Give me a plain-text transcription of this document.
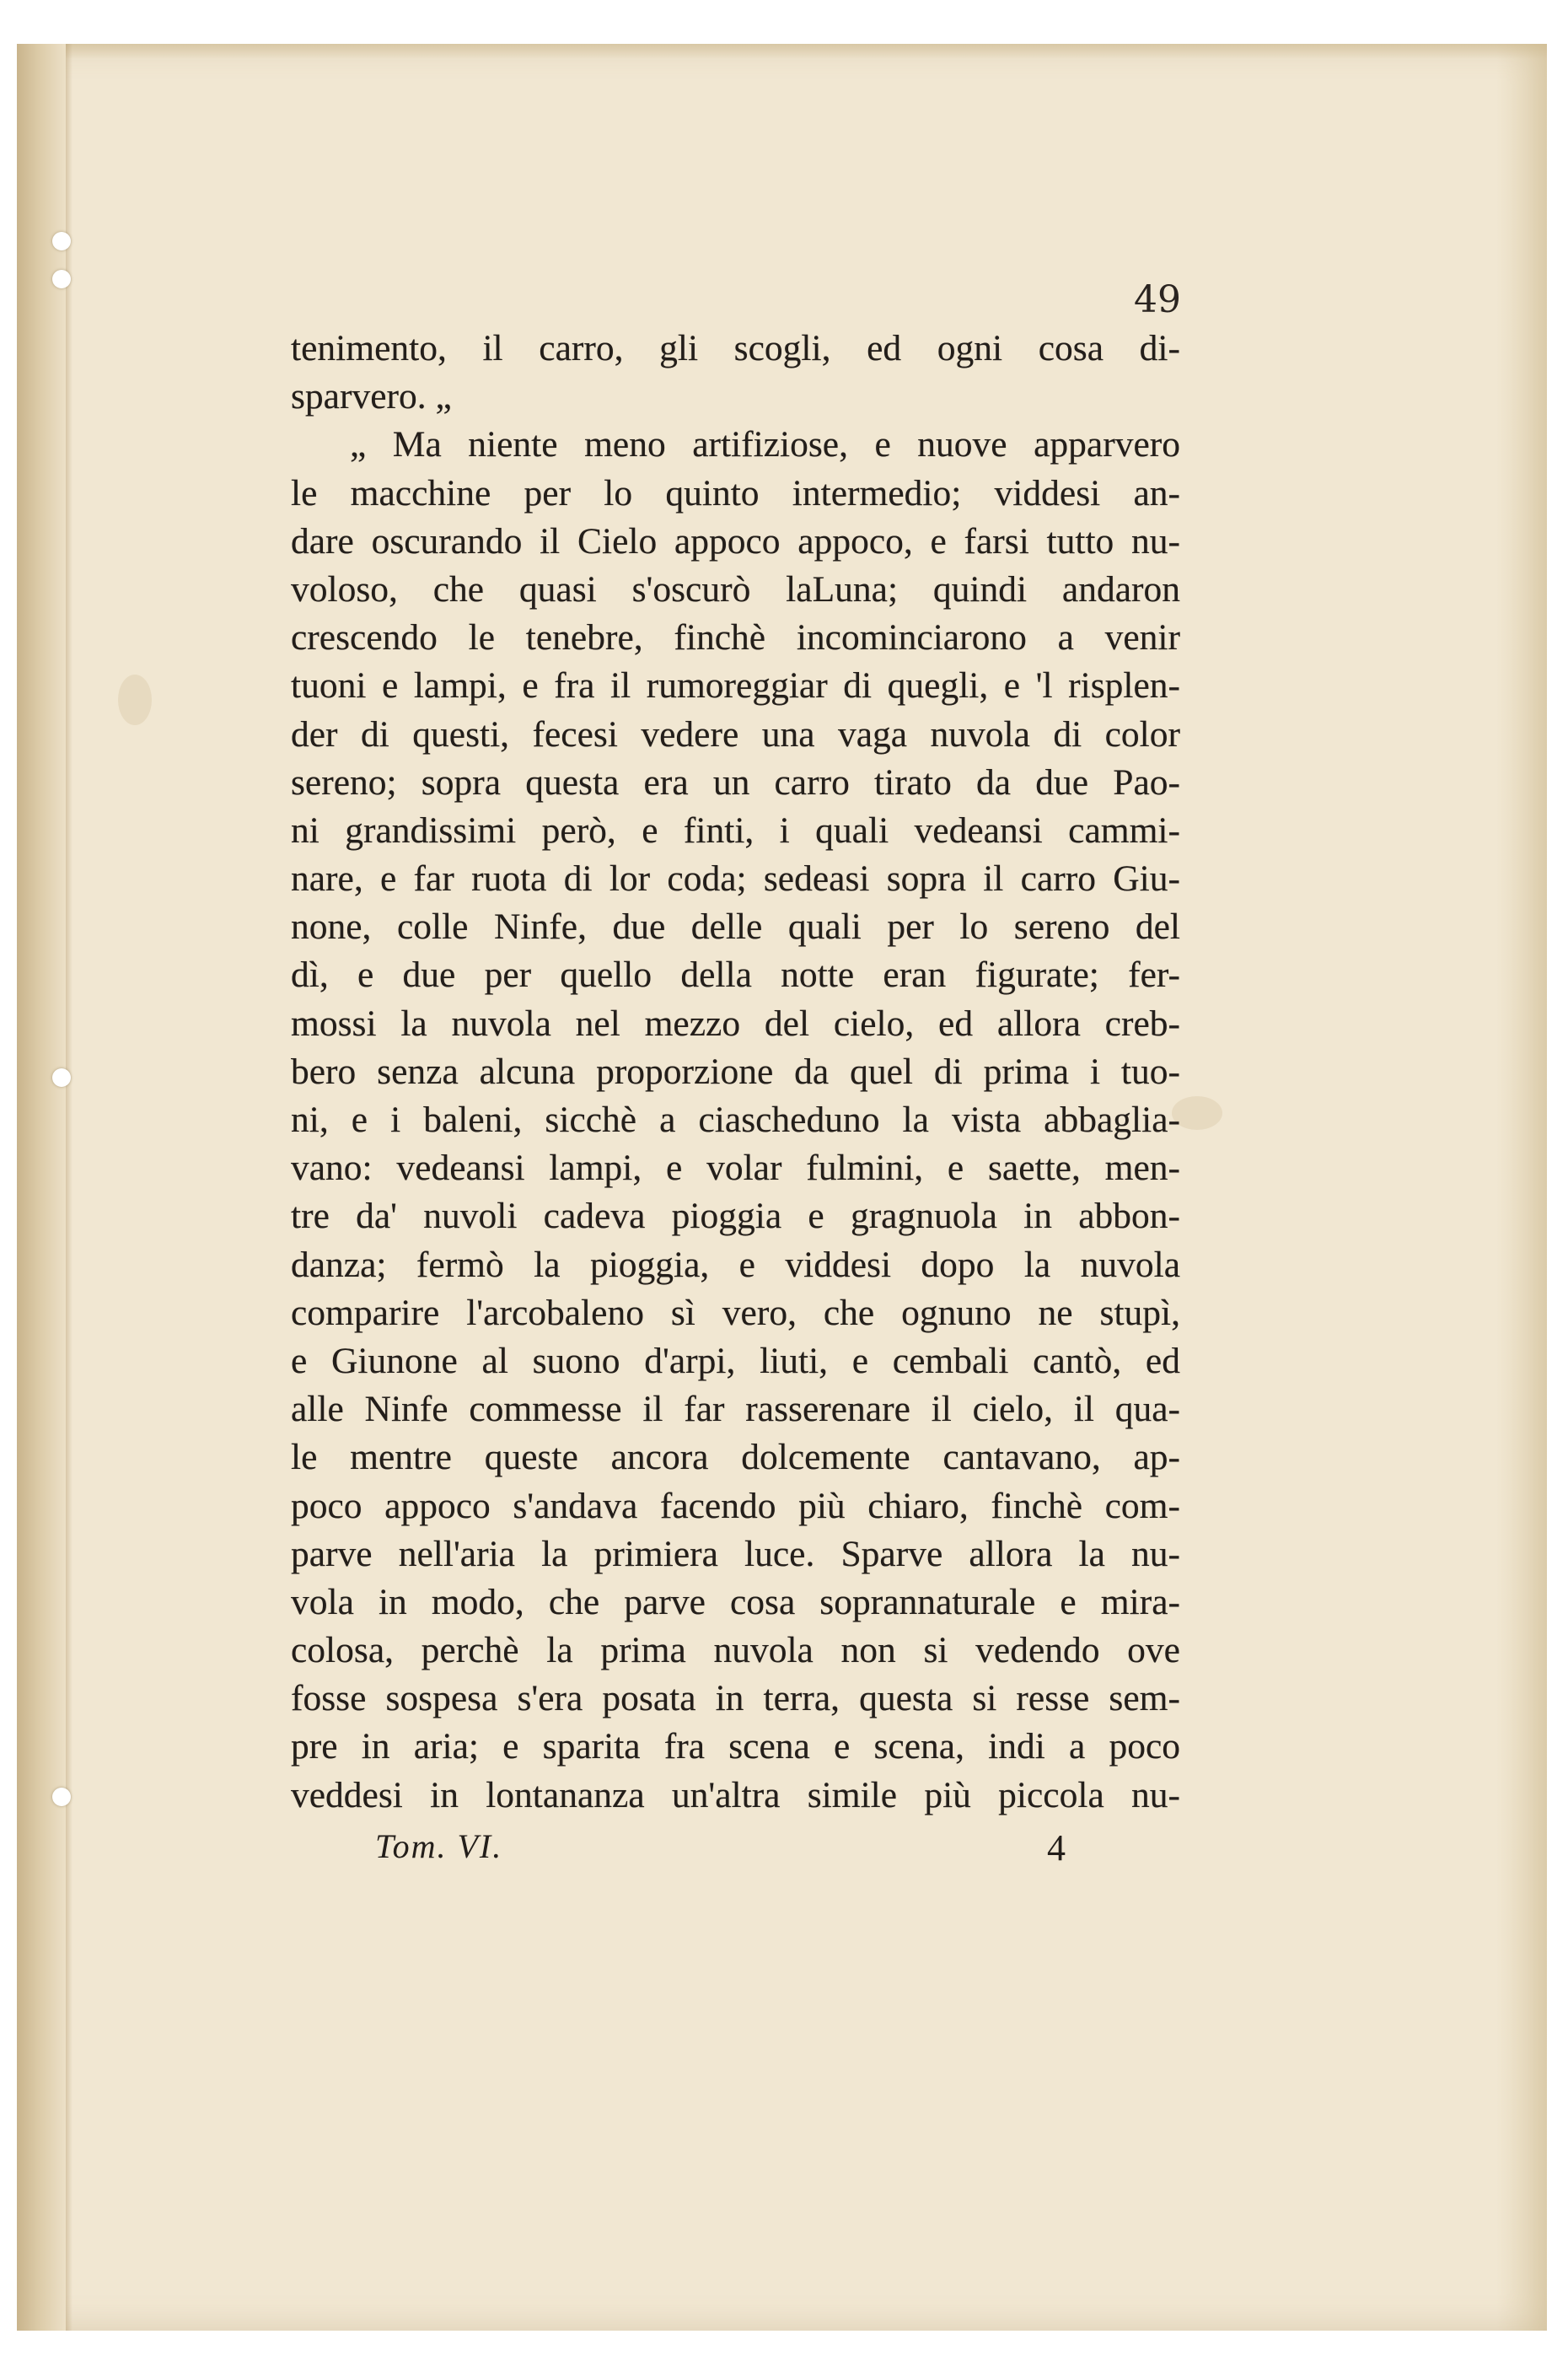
49
tenimento, il carro, gli scogli, ed ogni cosa di-
sparvero. „
„ Ma niente meno artifiziose, e nuove apparvero
le macchine per lo quinto intermedio; viddesi an-
dare oscurando il Cielo appoco appoco, e farsi tutto nu-
voloso, che quasi s'oscurò laLuna; quindi andaron
crescendo le tenebre, finchè incominciarono a venir
tuoni e lampi, e fra il rumoreggiar di quegli, e 'l risplen-
der di questi, fecesi vedere una vaga nuvola di color
sereno; sopra questa era un carro tirato da due Pao-
ni grandissimi però, e finti, i quali vedeansi cammi-
nare, e far ruota di lor coda; sedeasi sopra il carro Giu-
none, colle Ninfe, due delle quali per lo sereno del
dì, e due per quello della notte eran figurate; fer-
mossi la nuvola nel mezzo del cielo, ed allora creb-
bero senza alcuna proporzione da quel di prima i tuo-
ni, e i baleni, sicchè a ciascheduno la vista abbaglia-
vano: vedeansi lampi, e volar fulmini, e saette, men-
tre da' nuvoli cadeva pioggia e gragnuola in abbon-
danza; fermò la pioggia, e viddesi dopo la nuvola
comparire l'arcobaleno sì vero, che ognuno ne stupì,
e Giunone al suono d'arpi, liuti, e cembali cantò, ed
alle Ninfe commesse il far rasserenare il cielo, il qua-
le mentre queste ancora dolcemente cantavano, ap-
poco appoco s'andava facendo più chiaro, finchè com-
parve nell'aria la primiera luce. Sparve allora la nu-
vola in modo, che parve cosa soprannaturale e mira-
colosa, perchè la prima nuvola non si vedendo ove
fosse sospesa s'era posata in terra, questa si resse sem-
pre in aria; e sparita fra scena e scena, indi a poco
veddesi in lontananza un'altra simile più piccola nu-
Tom. VI.	4
